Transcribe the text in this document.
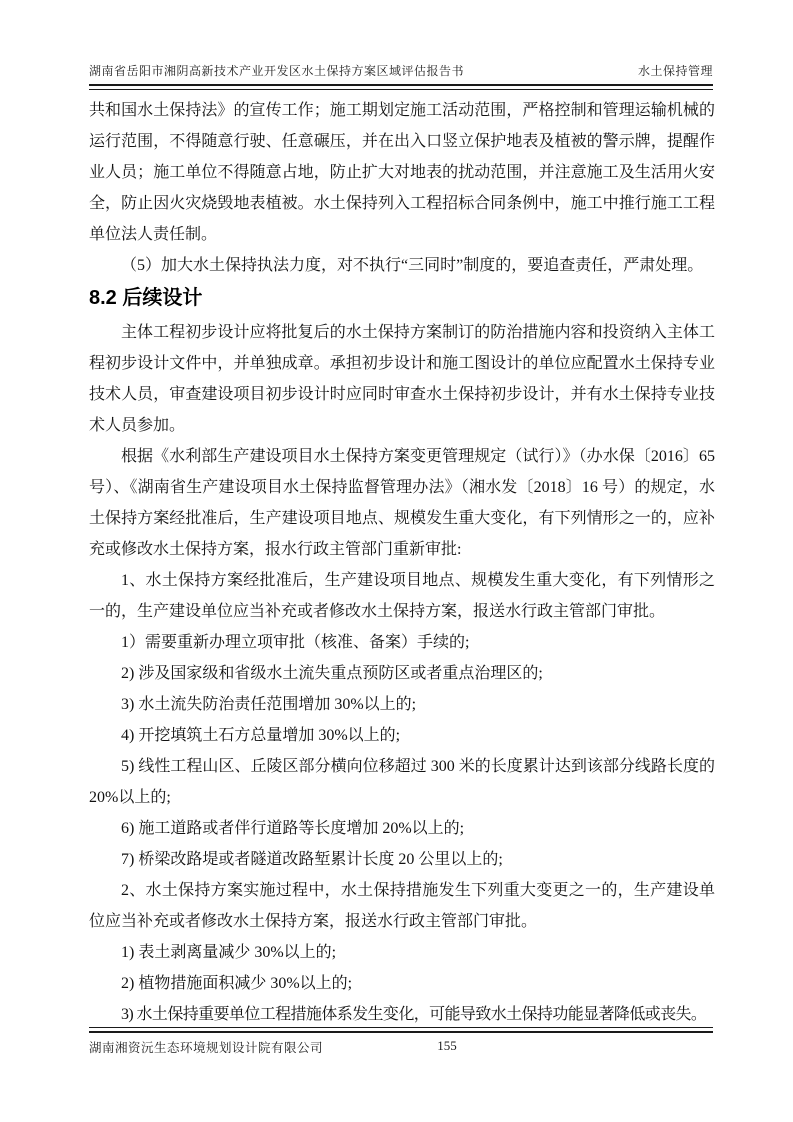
湖南省岳阳市湘阴高新技术产业开发区水土保持方案区域评估报告书	水土保持管理

共和国水土保持法》的宣传工作；施工期划定施工活动范围，严格控制和管理运输机械的运行范围，不得随意行驶、任意碾压，并在出入口竖立保护地表及植被的警示牌，提醒作业人员；施工单位不得随意占地，防止扩大对地表的扰动范围，并注意施工及生活用火安全，防止因火灾烧毁地表植被。水土保持列入工程招标合同条例中，施工中推行施工工程单位法人责任制。

（5）加大水土保持执法力度，对不执行“三同时”制度的，要追查责任，严肃处理。

8.2 后续设计

主体工程初步设计应将批复后的水土保持方案制订的防治措施内容和投资纳入主体工程初步设计文件中，并单独成章。承担初步设计和施工图设计的单位应配置水土保持专业技术人员，审查建设项目初步设计时应同时审查水土保持初步设计，并有水土保持专业技术人员参加。

根据《水利部生产建设项目水土保持方案变更管理规定（试行）》（办水保〔2016〕65 号）、《湖南省生产建设项目水土保持监督管理办法》（湘水发〔2018〕16 号）的规定，水土保持方案经批准后，生产建设项目地点、规模发生重大变化，有下列情形之一的，应补充或修改水土保持方案，报水行政主管部门重新审批:

1、水土保持方案经批准后，生产建设项目地点、规模发生重大变化，有下列情形之一的，生产建设单位应当补充或者修改水土保持方案，报送水行政主管部门审批。

1）需要重新办理立项审批（核准、备案）手续的;

2) 涉及国家级和省级水土流失重点预防区或者重点治理区的;

3) 水土流失防治责任范围增加 30%以上的;

4) 开挖填筑土石方总量增加 30%以上的;

5) 线性工程山区、丘陵区部分横向位移超过 300 米的长度累计达到该部分线路长度的20%以上的;

6) 施工道路或者伴行道路等长度增加 20%以上的;

7) 桥梁改路堤或者隧道改路堑累计长度 20 公里以上的;

2、水土保持方案实施过程中，水土保持措施发生下列重大变更之一的，生产建设单位应当补充或者修改水土保持方案，报送水行政主管部门审批。

1) 表土剥离量减少 30%以上的;

2) 植物措施面积减少 30%以上的;

3) 水土保持重要单位工程措施体系发生变化，可能导致水土保持功能显著降低或丧失。

湖南湘资沅生态环境规划设计院有限公司	155
